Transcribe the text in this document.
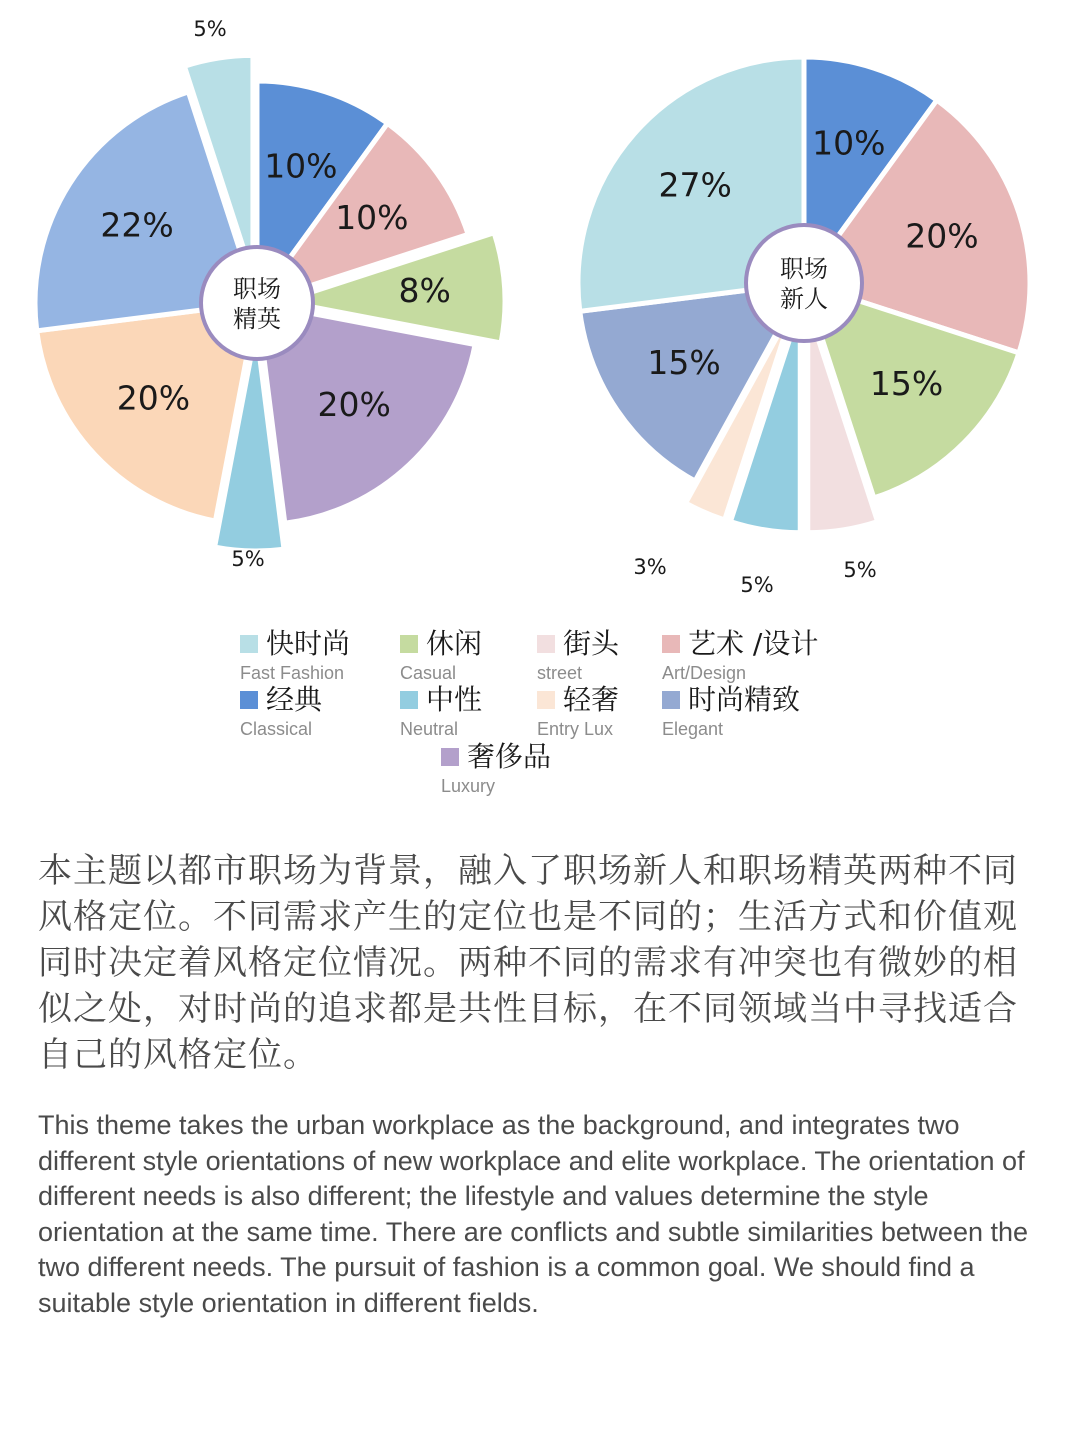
10%
10%
8%
20%
5%
20%
22%
5%
职场
精英
10%
20%
15%
5%
5%
3%
15%
27%
职场
新人
快时尚
Fast Fashion
休闲
Casual
街头
street
艺术 /设计
Art/Design
经典
Classical
中性
Neutral
轻奢
Entry Lux
时尚精致
Elegant
奢侈品
Luxury

本主题以都市职场为背景，融入了职场新人和职场精英两种不同风格定位。不同需求产生的定位也是不同的；生活方式和价值观同时决定着风格定位情况。两种不同的需求有冲突也有微妙的相似之处，对时尚的追求都是共性目标，在不同领域当中寻找适合自己的风格定位。

This theme takes the urban workplace as the background, and integrates two different style orientations of new workplace and elite workplace. The orientation of different needs is also different; the lifestyle and values determine the style orientation at the same time. There are conflicts and subtle similarities between the two different needs. The pursuit of fashion is a common goal. We should find a suitable style orientation in different fields.
